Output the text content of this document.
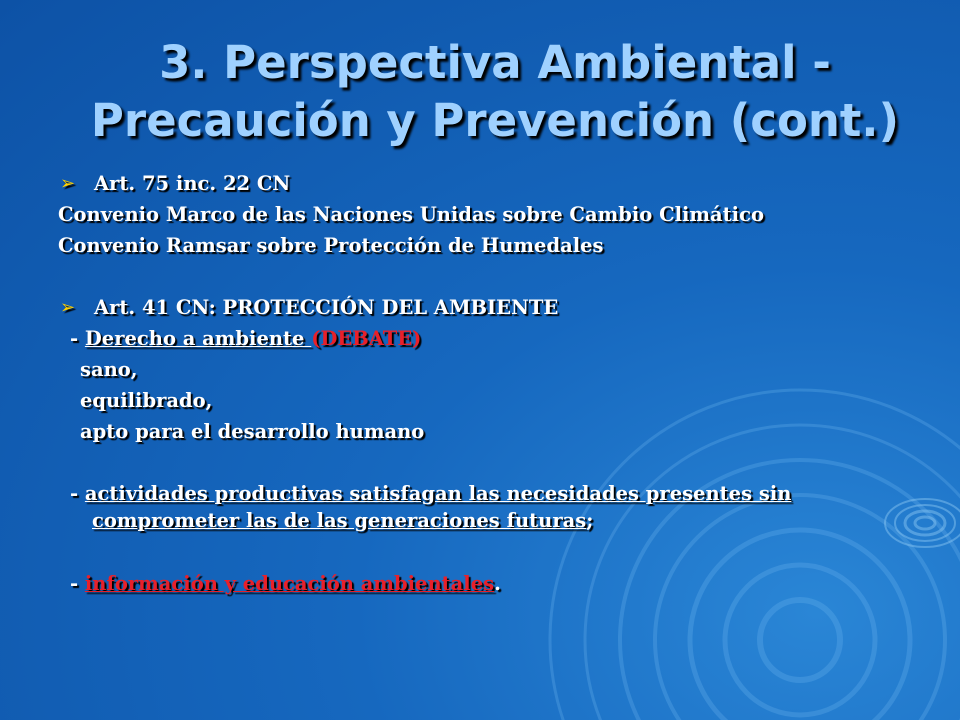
3. Perspectiva Ambiental -
Precaución y Prevención (cont.)
➢ Art. 75 inc. 22 CN
Convenio Marco de las Naciones Unidas sobre Cambio Climático
Convenio Ramsar sobre Protección de Humedales
➢ Art. 41 CN: PROTECCIÓN DEL AMBIENTE
- Derecho a ambiente (DEBATE)
sano,
equilibrado,
apto para el desarrollo humano
- actividades productivas satisfagan las necesidades presentes sin
comprometer las de las generaciones futuras;
- información y educación ambientales.
